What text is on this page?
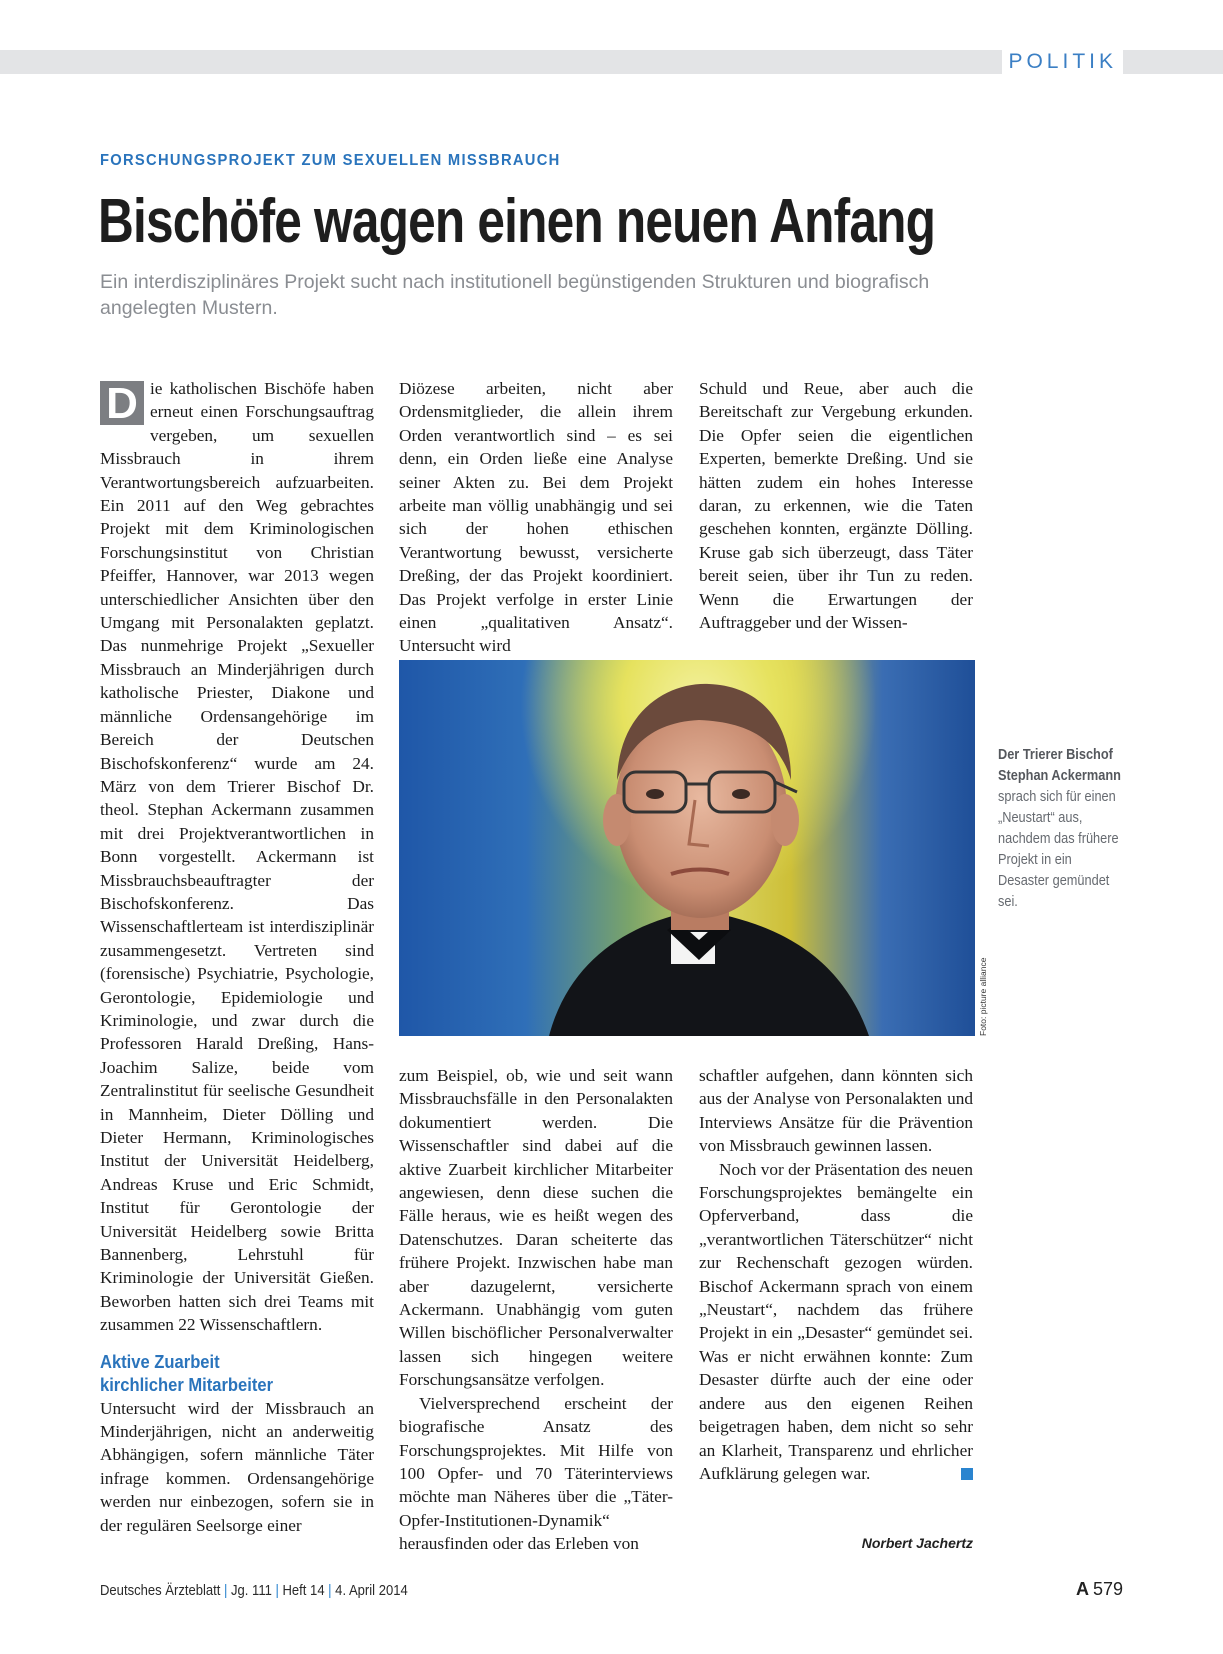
POLITIK
FORSCHUNGSPROJEKT ZUM SEXUELLEN MISSBRAUCH
Bischöfe wagen einen neuen Anfang
Ein interdisziplinäres Projekt sucht nach institutionell begünstigenden Strukturen und biografisch angelegten Mustern.

D ie katholischen Bischöfe haben erneut einen Forschungsauftrag vergeben, um sexuellen Missbrauch in ihrem Verantwortungsbereich aufzuarbeiten. Ein 2011 auf den Weg gebrachtes Projekt mit dem Kriminologischen Forschungsinstitut von Christian Pfeiffer, Hannover, war 2013 wegen unterschiedlicher Ansichten über den Umgang mit Personalakten geplatzt. Das nunmehrige Projekt „Sexueller Missbrauch an Minderjährigen durch katholische Priester, Diakone und männliche Ordensangehörige im Bereich der Deutschen Bischofskonferenz“ wurde am 24. März von dem Trierer Bischof Dr. theol. Stephan Ackermann zusammen mit drei Projektverantwortlichen in Bonn vorgestellt. Ackermann ist Missbrauchsbeauftragter der Bischofskonferenz. Das Wissenschaftlerteam ist interdisziplinär zusammengesetzt. Vertreten sind (forensische) Psychiatrie, Psychologie, Gerontologie, Epidemiologie und Kriminologie, und zwar durch die Professoren Harald Dreßing, Hans-Joachim Salize, beide vom Zentralinstitut für seelische Gesundheit in Mannheim, Dieter Dölling und Dieter Hermann, Kriminologisches Institut der Universität Heidelberg, Andreas Kruse und Eric Schmidt, Institut für Gerontologie der Universität Heidelberg sowie Britta Bannenberg, Lehrstuhl für Kriminologie der Universität Gießen. Beworben hatten sich drei Teams mit zusammen 22 Wissenschaftlern.

Aktive Zuarbeit
kirchlicher Mitarbeiter

Untersucht wird der Missbrauch an Minderjährigen, nicht an anderweitig Abhängigen, sofern männliche Täter infrage kommen. Ordensangehörige werden nur einbezogen, sofern sie in der regulären Seelsorge einer

Diözese arbeiten, nicht aber Ordensmitglieder, die allein ihrem Orden verantwortlich sind – es sei denn, ein Orden ließe eine Analyse seiner Akten zu. Bei dem Projekt arbeite man völlig unabhängig und sei sich der hohen ethischen Verantwortung bewusst, versicherte Dreßing, der das Projekt koordiniert. Das Projekt verfolge in erster Linie einen „qualitativen Ansatz“. Untersucht wird

Schuld und Reue, aber auch die Bereitschaft zur Vergebung erkunden. Die Opfer seien die eigentlichen Experten, bemerkte Dreßing. Und sie hätten zudem ein hohes Interesse daran, zu erkennen, wie die Taten geschehen konnten, ergänzte Dölling. Kruse gab sich überzeugt, dass Täter bereit seien, über ihr Tun zu reden. Wenn die Erwartungen der Auftraggeber und der Wissen-

Foto: picture alliance
Der Trierer Bischof Stephan Ackermann sprach sich für einen „Neustart“ aus, nachdem das frühere Projekt in ein Desaster gemündet sei.

zum Beispiel, ob, wie und seit wann Missbrauchsfälle in den Personalakten dokumentiert werden. Die Wissenschaftler sind dabei auf die aktive Zuarbeit kirchlicher Mitarbeiter angewiesen, denn diese suchen die Fälle heraus, wie es heißt wegen des Datenschutzes. Daran scheiterte das frühere Projekt. Inzwischen habe man aber dazugelernt, versicherte Ackermann. Unabhängig vom guten Willen bischöflicher Personalverwalter lassen sich hingegen weitere Forschungsansätze verfolgen.

Vielversprechend erscheint der biografische Ansatz des Forschungsprojektes. Mit Hilfe von 100 Opfer- und 70 Täterinterviews möchte man Näheres über die „Täter-Opfer-Institutionen-Dynamik“ herausfinden oder das Erleben von

schaftler aufgehen, dann könnten sich aus der Analyse von Personalakten und Interviews Ansätze für die Prävention von Missbrauch gewinnen lassen.

Noch vor der Präsentation des neuen Forschungsprojektes bemängelte ein Opferverband, dass die „verantwortlichen Täterschützer“ nicht zur Rechenschaft gezogen würden. Bischof Ackermann sprach von einem „Neustart“, nachdem das frühere Projekt in ein „Desaster“ gemündet sei. Was er nicht erwähnen konnte: Zum Desaster dürfte auch der eine oder andere aus den eigenen Reihen beigetragen haben, dem nicht so sehr an Klarheit, Transparenz und ehrlicher Aufklärung gelegen war.

Norbert Jachertz
Deutsches Ärzteblatt | Jg. 111 | Heft 14 | 4. April 2014	A 579
